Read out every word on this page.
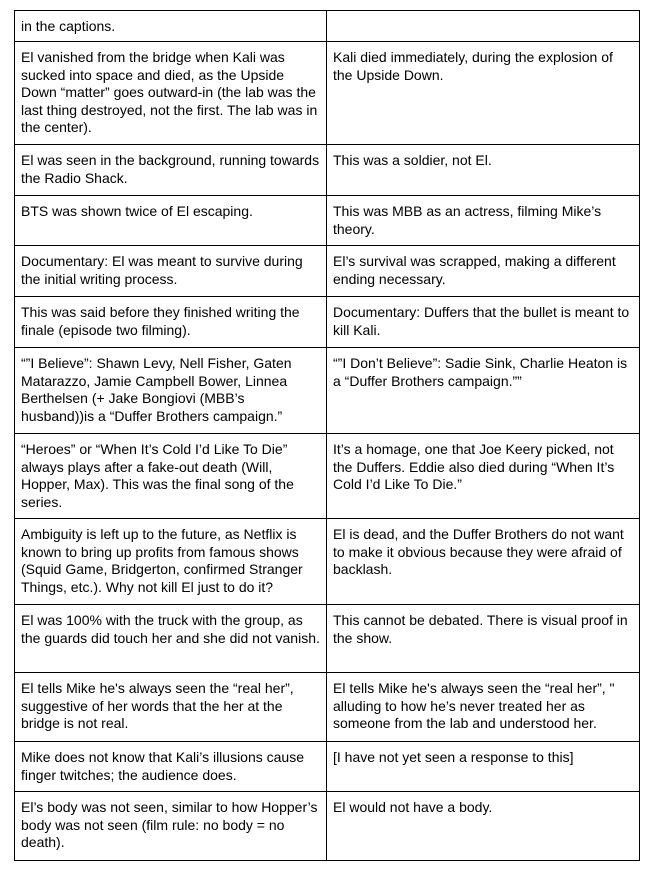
in the captions.	
El vanished from the bridge when Kali was sucked into space and died, as the Upside Down “matter” goes outward-in (the lab was the last thing destroyed, not the first. The lab was in the center).	Kali died immediately, during the explosion of the Upside Down.
El was seen in the background, running towards the Radio Shack.	This was a soldier, not El.
BTS was shown twice of El escaping.	This was MBB as an actress, filming Mike’s theory.
Documentary: El was meant to survive during the initial writing process.	El’s survival was scrapped, making a different ending necessary.
This was said before they finished writing the finale (episode two filming).	Documentary: Duffers that the bullet is meant to kill Kali.
“”I Believe”: Shawn Levy, Nell Fisher, Gaten Matarazzo, Jamie Campbell Bower, Linnea Berthelsen (+ Jake Bongiovi (MBB’s husband))is a “Duffer Brothers campaign.”	“”I Don’t Believe”: Sadie Sink, Charlie Heaton is a “Duffer Brothers campaign.””
“Heroes” or “When It’s Cold I’d Like To Die” always plays after a fake-out death (Will, Hopper, Max). This was the final song of the series.	It’s a homage, one that Joe Keery picked, not the Duffers. Eddie also died during “When It’s Cold I’d Like To Die.”
Ambiguity is left up to the future, as Netflix is known to bring up profits from famous shows (Squid Game, Bridgerton, confirmed Stranger Things, etc.). Why not kill El just to do it?	El is dead, and the Duffer Brothers do not want to make it obvious because they were afraid of backlash.
El was 100% with the truck with the group, as the guards did touch her and she did not vanish.	This cannot be debated. There is visual proof in the show.
El tells Mike he's always seen the “real her”, suggestive of her words that the her at the bridge is not real.	El tells Mike he's always seen the “real her”, " alluding to how he’s never treated her as someone from the lab and understood her.
Mike does not know that Kali’s illusions cause finger twitches; the audience does.	[I have not yet seen a response to this]
El’s body was not seen, similar to how Hopper’s body was not seen (film rule: no body = no death).	El would not have a body.
